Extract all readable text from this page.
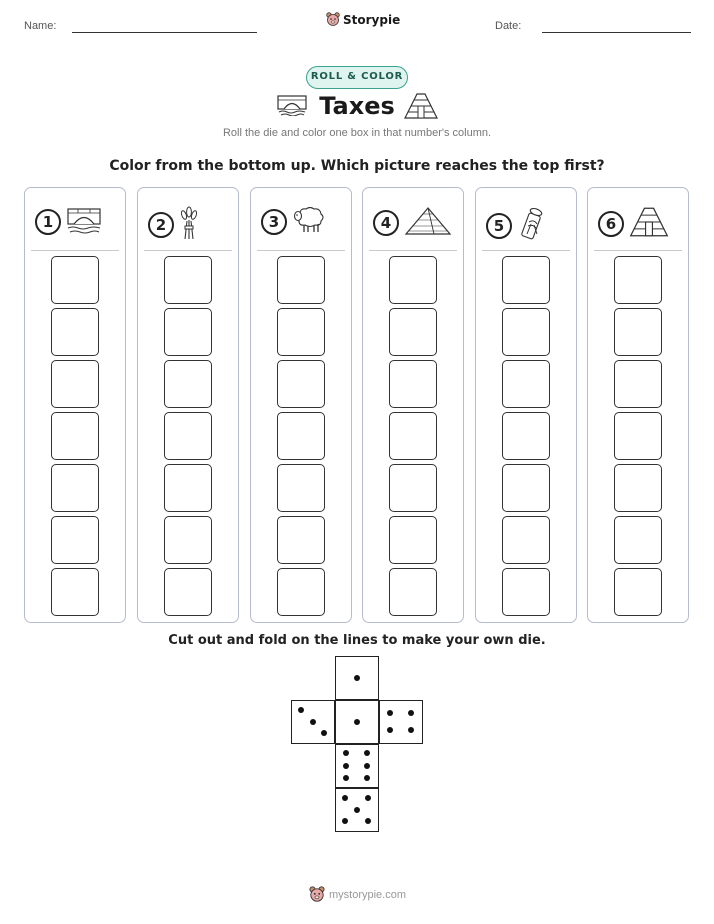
Name:	Storypie	Date:
ROLL & COLOR
Taxes
Roll the die and color one box in that number's column.
Color from the bottom up. Which picture reaches the top first?
1	2	3	4	5	6
Cut out and fold on the lines to make your own die.
mystorypie.com
